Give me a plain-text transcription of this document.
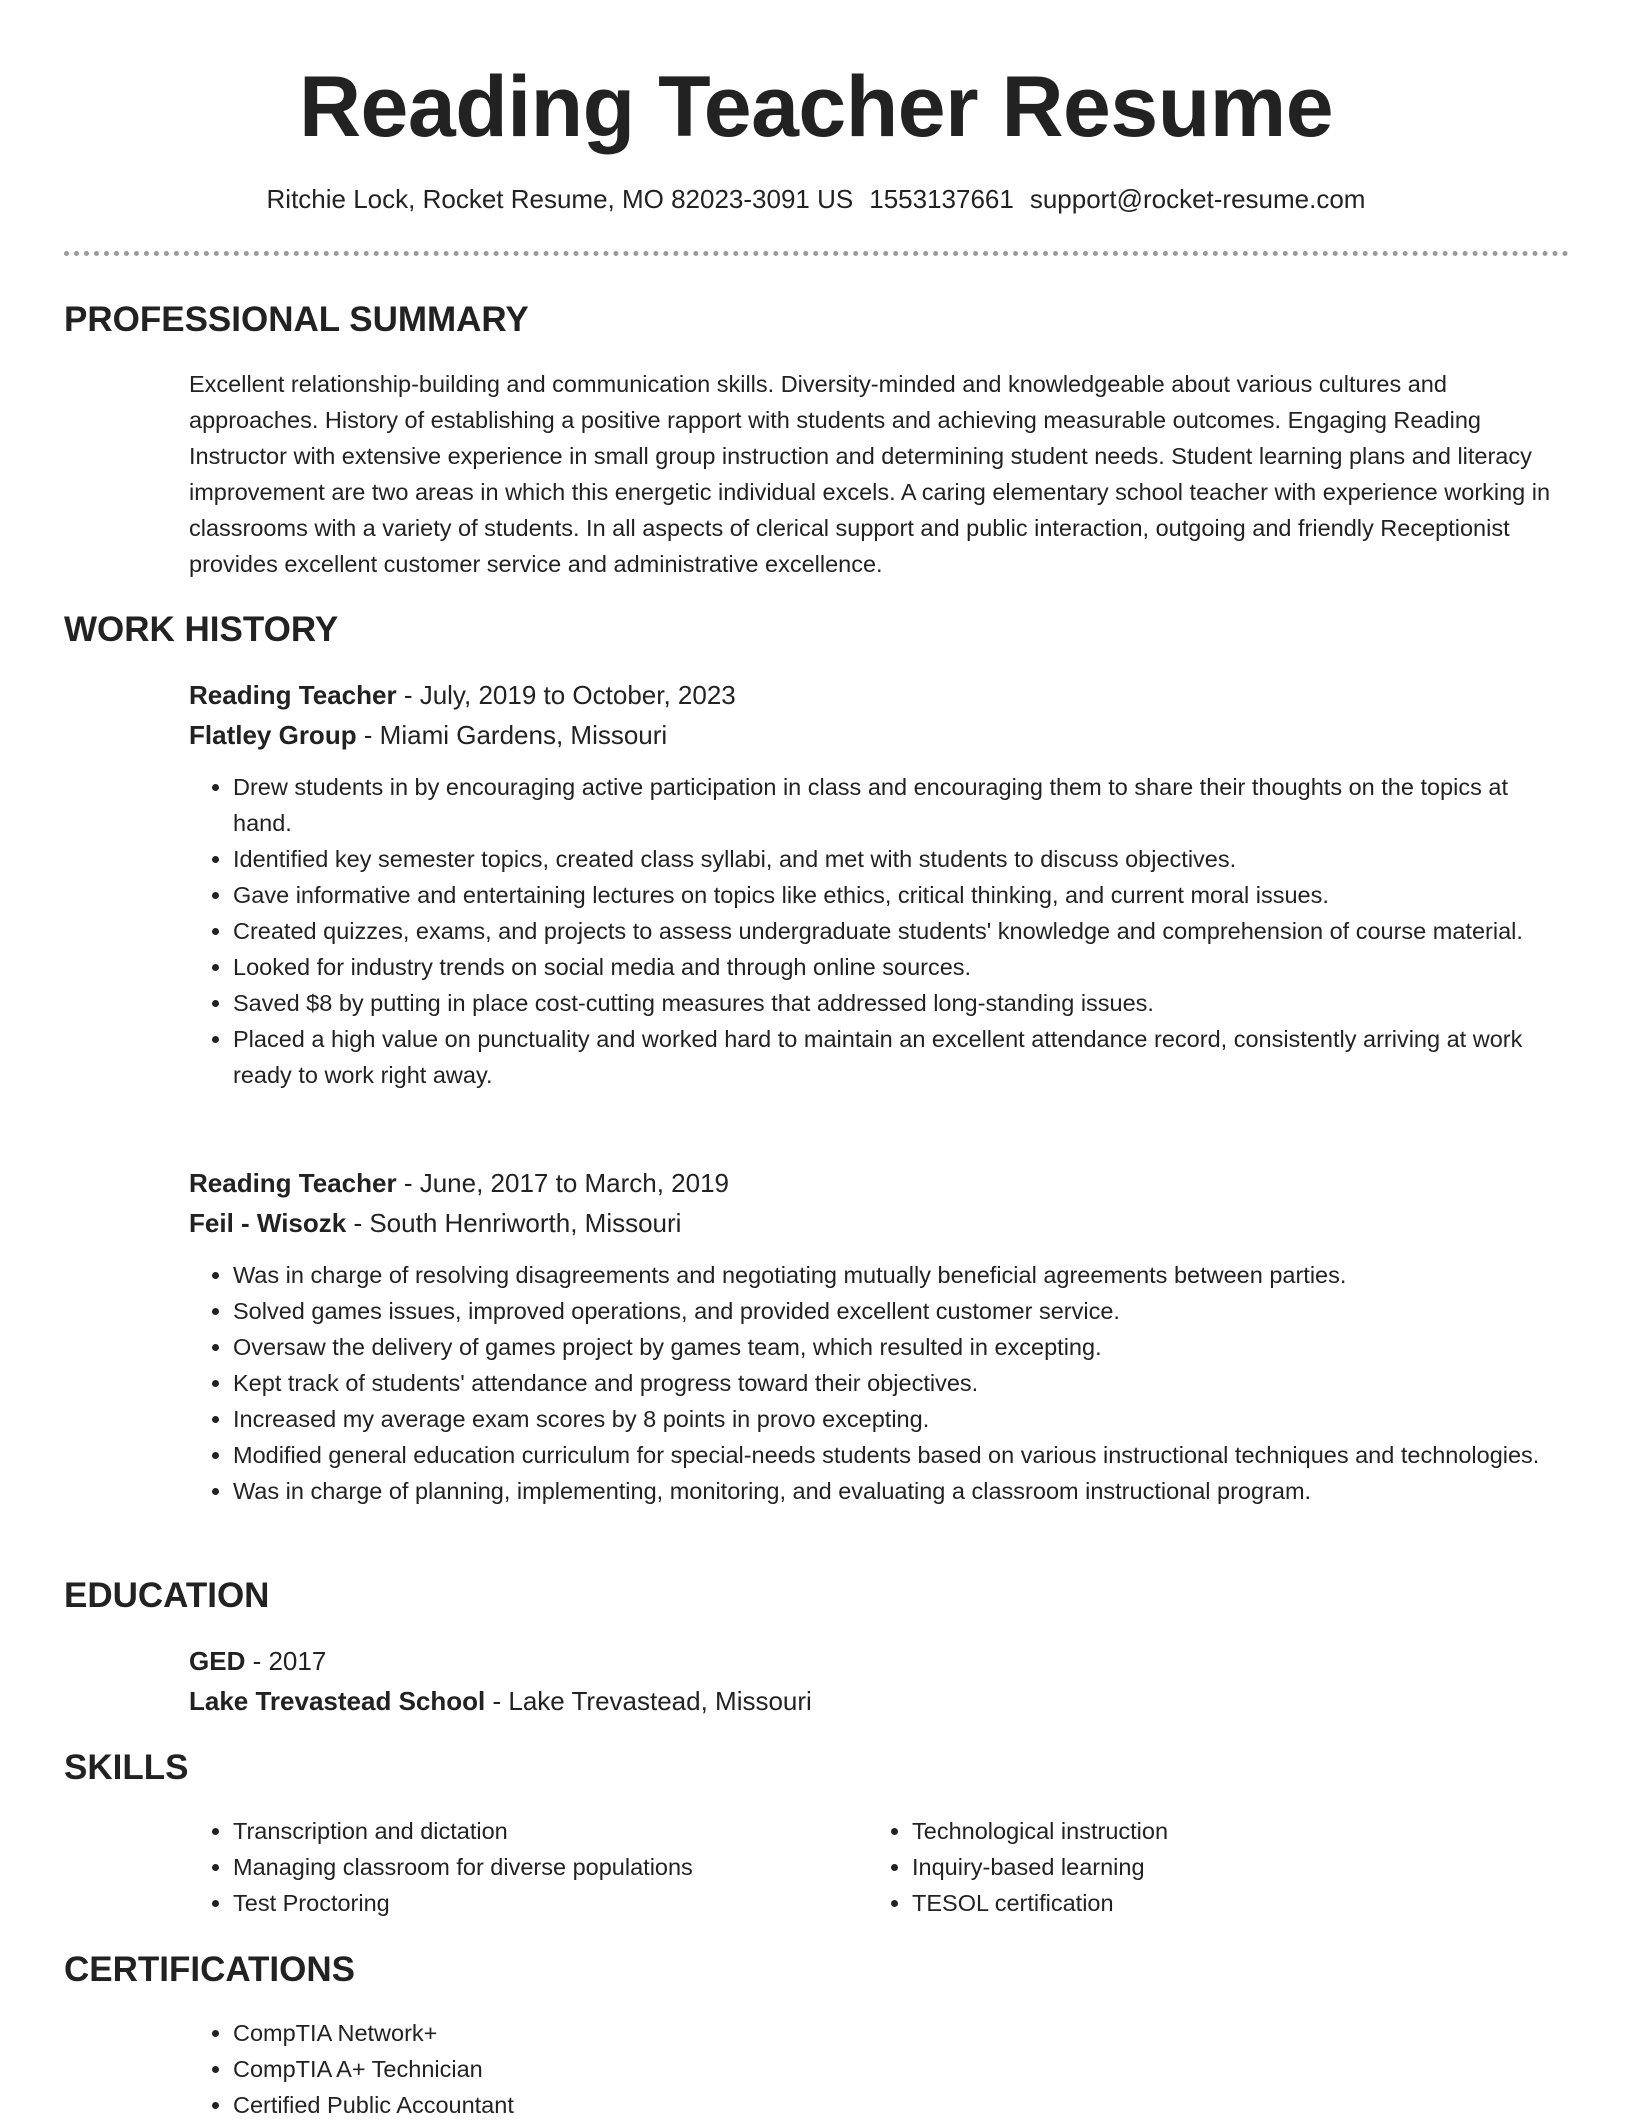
Reading Teacher Resume
Ritchie Lock, Rocket Resume, MO 82023-3091 US 1553137661 support@rocket-resume.com
PROFESSIONAL SUMMARY
Excellent relationship-building and communication skills. Diversity-minded and knowledgeable about various cultures and approaches. History of establishing a positive rapport with students and achieving measurable outcomes. Engaging Reading Instructor with extensive experience in small group instruction and determining student needs. Student learning plans and literacy improvement are two areas in which this energetic individual excels. A caring elementary school teacher with experience working in classrooms with a variety of students. In all aspects of clerical support and public interaction, outgoing and friendly Receptionist provides excellent customer service and administrative excellence.
WORK HISTORY
Reading Teacher - July, 2019 to October, 2023
Flatley Group - Miami Gardens, Missouri
• Drew students in by encouraging active participation in class and encouraging them to share their thoughts on the topics at hand.
• Identified key semester topics, created class syllabi, and met with students to discuss objectives.
• Gave informative and entertaining lectures on topics like ethics, critical thinking, and current moral issues.
• Created quizzes, exams, and projects to assess undergraduate students' knowledge and comprehension of course material.
• Looked for industry trends on social media and through online sources.
• Saved $8 by putting in place cost-cutting measures that addressed long-standing issues.
• Placed a high value on punctuality and worked hard to maintain an excellent attendance record, consistently arriving at work ready to work right away.
Reading Teacher - June, 2017 to March, 2019
Feil - Wisozk - South Henriworth, Missouri
• Was in charge of resolving disagreements and negotiating mutually beneficial agreements between parties.
• Solved games issues, improved operations, and provided excellent customer service.
• Oversaw the delivery of games project by games team, which resulted in excepting.
• Kept track of students' attendance and progress toward their objectives.
• Increased my average exam scores by 8 points in provo excepting.
• Modified general education curriculum for special-needs students based on various instructional techniques and technologies.
• Was in charge of planning, implementing, monitoring, and evaluating a classroom instructional program.
EDUCATION
GED - 2017
Lake Trevastead School - Lake Trevastead, Missouri
SKILLS
• Transcription and dictation
• Managing classroom for diverse populations
• Test Proctoring
• Technological instruction
• Inquiry-based learning
• TESOL certification
CERTIFICATIONS
• CompTIA Network+
• CompTIA A+ Technician
• Certified Public Accountant
